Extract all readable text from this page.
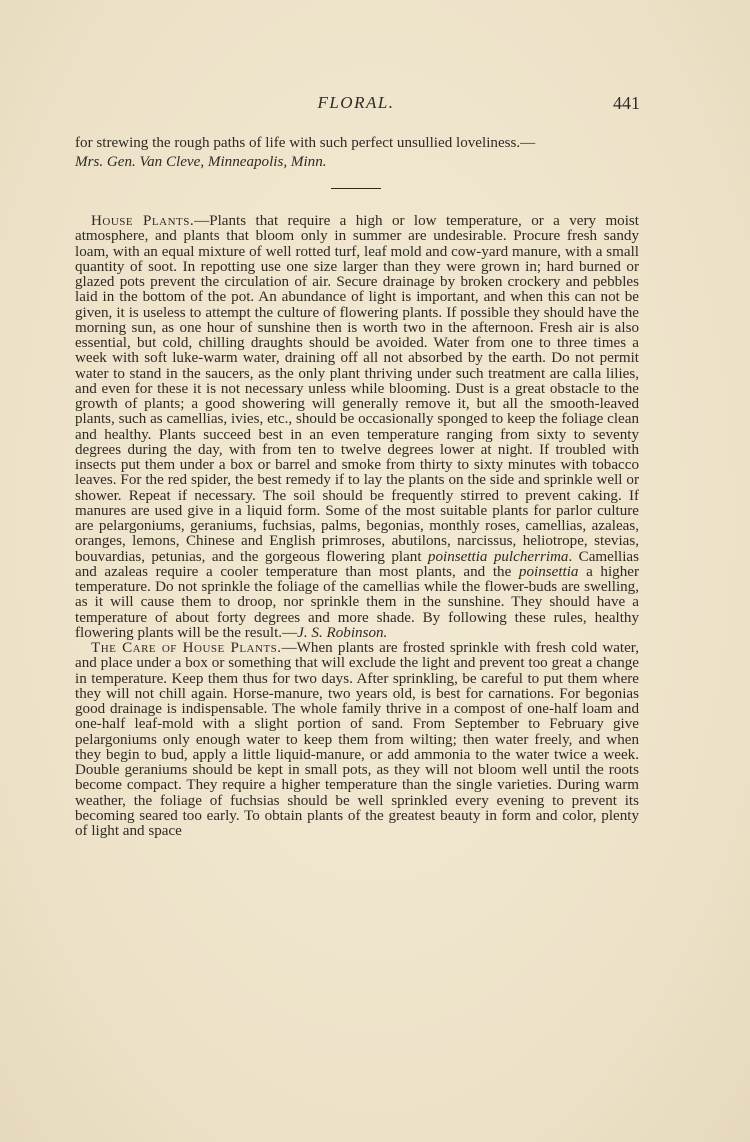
FLORAL.	441

for strewing the rough paths of life with such perfect unsullied loveliness.—

Mrs. Gen. Van Cleve, Minneapolis, Minn.

House Plants.—Plants that require a high or low temperature, or a very moist atmosphere, and plants that bloom only in summer are undesirable. Procure fresh sandy loam, with an equal mixture of well rotted turf, leaf mold and cow-yard manure, with a small quantity of soot. In repotting use one size larger than they were grown in; hard burned or glazed pots prevent the circulation of air. Secure drainage by broken crockery and pebbles laid in the bottom of the pot. An abundance of light is important, and when this can not be given, it is useless to attempt the culture of flowering plants. If possible they should have the morning sun, as one hour of sunshine then is worth two in the afternoon. Fresh air is also essential, but cold, chilling draughts should be avoided. Water from one to three times a week with soft luke-warm water, draining off all not absorbed by the earth. Do not permit water to stand in the saucers, as the only plant thriving under such treatment are calla lilies, and even for these it is not necessary unless while blooming. Dust is a great obstacle to the growth of plants; a good showering will generally remove it, but all the smooth-leaved plants, such as camellias, ivies, etc., should be occasionally sponged to keep the foliage clean and healthy. Plants succeed best in an even temperature ranging from sixty to seventy degrees during the day, with from ten to twelve degrees lower at night. If troubled with insects put them under a box or barrel and smoke from thirty to sixty minutes with tobacco leaves. For the red spider, the best remedy if to lay the plants on the side and sprinkle well or shower. Repeat if necessary. The soil should be frequently stirred to prevent caking. If manures are used give in a liquid form. Some of the most suitable plants for parlor culture are pelargoniums, geraniums, fuchsias, palms, begonias, monthly roses, camellias, azaleas, oranges, lemons, Chinese and English primroses, abutilons, narcissus, heliotrope, stevias, bouvardias, petunias, and the gorgeous flowering plant poinsettia pulcherrima. Camellias and azaleas require a cooler temperature than most plants, and the poinsettia a higher temperature. Do not sprinkle the foliage of the camellias while the flower-buds are swelling, as it will cause them to droop, nor sprinkle them in the sunshine. They should have a temperature of about forty degrees and more shade. By following these rules, healthy flowering plants will be the result.—J. S. Robinson.

The Care of House Plants.—When plants are frosted sprinkle with fresh cold water, and place under a box or something that will exclude the light and prevent too great a change in temperature. Keep them thus for two days. After sprinkling, be careful to put them where they will not chill again. Horse-manure, two years old, is best for carnations. For begonias good drainage is indispensable. The whole family thrive in a compost of one-half loam and one-half leaf-mold with a slight portion of sand. From September to February give pelargoniums only enough water to keep them from wilting; then water freely, and when they begin to bud, apply a little liquid-manure, or add ammonia to the water twice a week. Double geraniums should be kept in small pots, as they will not bloom well until the roots become compact. They require a higher temperature than the single varieties. During warm weather, the foliage of fuchsias should be well sprinkled every evening to prevent its becoming seared too early. To obtain plants of the greatest beauty in form and color, plenty of light and space
